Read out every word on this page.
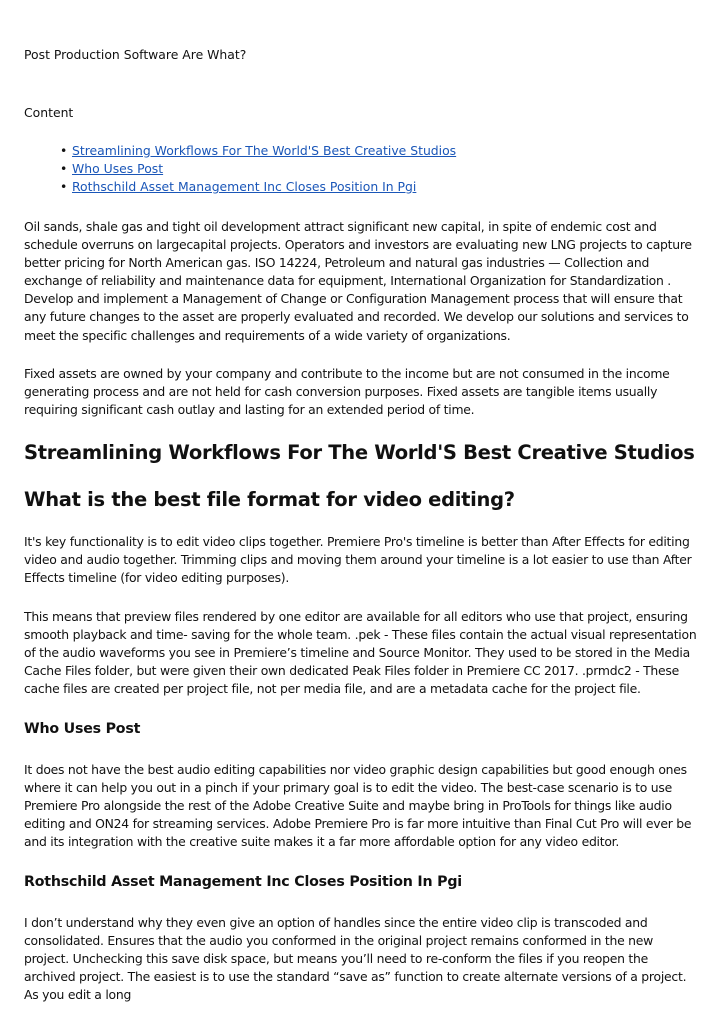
Post Production Software Are What?
Content
• Streamlining Workflows For The World'S Best Creative Studios
• Who Uses Post
• Rothschild Asset Management Inc Closes Position In Pgi

Oil sands, shale gas and tight oil development attract significant new capital, in spite of endemic cost and schedule overruns on largecapital projects. Operators and investors are evaluating new LNG projects to capture better pricing for North American gas. ISO 14224, Petroleum and natural gas industries — Collection and exchange of reliability and maintenance data for equipment, International Organization for Standardization . Develop and implement a Management of Change or Configuration Management process that will ensure that any future changes to the asset are properly evaluated and recorded. We develop our solutions and services to meet the specific challenges and requirements of a wide variety of organizations.

Fixed assets are owned by your company and contribute to the income but are not consumed in the income generating process and are not held for cash conversion purposes. Fixed assets are tangible items usually requiring significant cash outlay and lasting for an extended period of time.

Streamlining Workflows For The World'S Best Creative Studios
What is the best file format for video editing?

It's key functionality is to edit video clips together. Premiere Pro's timeline is better than After Effects for editing video and audio together. Trimming clips and moving them around your timeline is a lot easier to use than After Effects timeline (for video editing purposes).

This means that preview files rendered by one editor are available for all editors who use that project, ensuring smooth playback and time- saving for the whole team. .pek - These files contain the actual visual representation of the audio waveforms you see in Premiere’s timeline and Source Monitor. They used to be stored in the Media Cache Files folder, but were given their own dedicated Peak Files folder in Premiere CC 2017. .prmdc2 - These cache files are created per project file, not per media file, and are a metadata cache for the project file.

Who Uses Post

It does not have the best audio editing capabilities nor video graphic design capabilities but good enough ones where it can help you out in a pinch if your primary goal is to edit the video. The best-case scenario is to use Premiere Pro alongside the rest of the Adobe Creative Suite and maybe bring in ProTools for things like audio editing and ON24 for streaming services. Adobe Premiere Pro is far more intuitive than Final Cut Pro will ever be and its integration with the creative suite makes it a far more affordable option for any video editor.

Rothschild Asset Management Inc Closes Position In Pgi

I don’t understand why they even give an option of handles since the entire video clip is transcoded and consolidated. Ensures that the audio you conformed in the original project remains conformed in the new project. Unchecking this save disk space, but means you’ll need to re-conform the files if you reopen the archived project. The easiest is to use the standard “save as” function to create alternate versions of a project. As you edit a long
